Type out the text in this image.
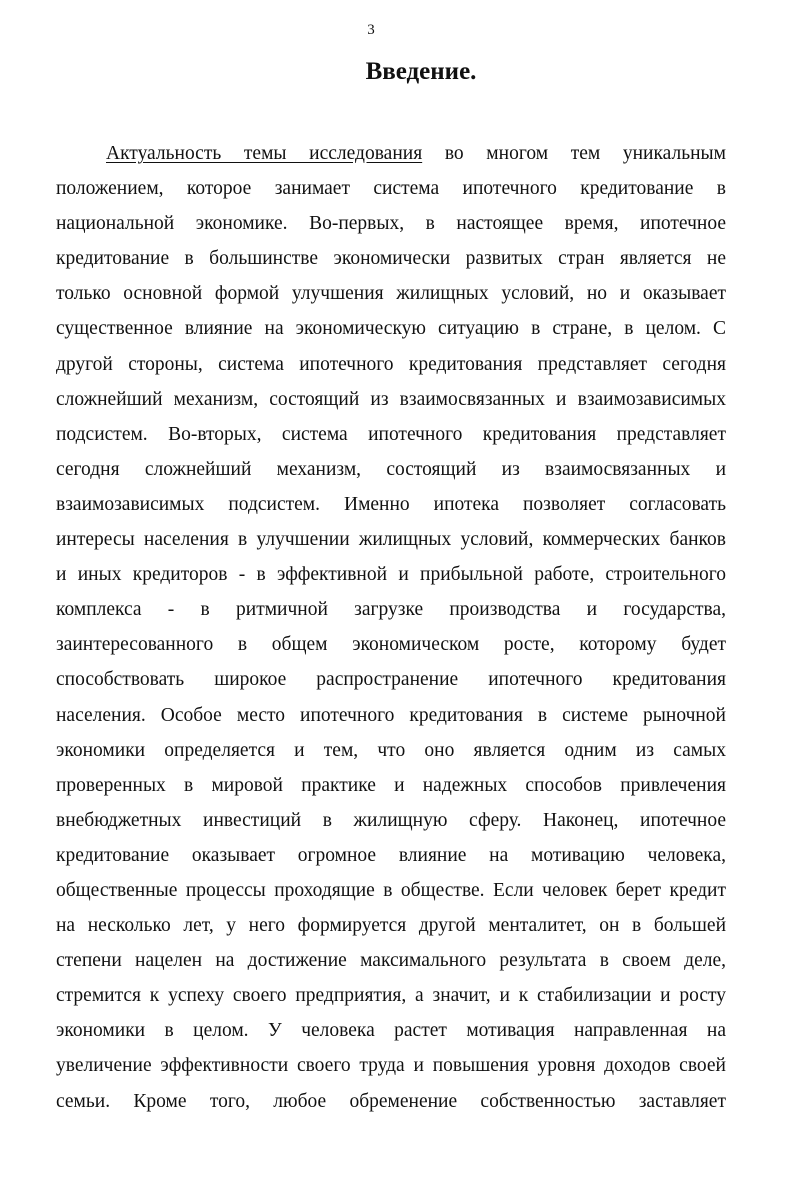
3
Введение.
Актуальность темы исследования во многом тем уникальным
положением, которое занимает система ипотечного кредитование в
национальной экономике. Во-первых, в настоящее время, ипотечное
кредитование в большинстве экономически развитых стран является не
только основной формой улучшения жилищных условий, но и оказывает
существенное влияние на экономическую ситуацию в стране, в целом. С
другой стороны, система ипотечного кредитования представляет сегодня
сложнейший механизм, состоящий из взаимосвязанных и взаимозависимых
подсистем. Во-вторых, система ипотечного кредитования представляет
сегодня сложнейший механизм, состоящий из взаимосвязанных и
взаимозависимых подсистем. Именно ипотека позволяет согласовать
интересы населения в улучшении жилищных условий, коммерческих банков
и иных кредиторов - в эффективной и прибыльной работе, строительного
комплекса - в ритмичной загрузке производства и государства,
заинтересованного в общем экономическом росте, которому будет
способствовать широкое распространение ипотечного кредитования
населения. Особое место ипотечного кредитования в системе рыночной
экономики определяется и тем, что оно является одним из самых
проверенных в мировой практике и надежных способов привлечения
внебюджетных инвестиций в жилищную сферу. Наконец, ипотечное
кредитование оказывает огромное влияние на мотивацию человека,
общественные процессы проходящие в обществе. Если человек берет кредит
на несколько лет, у него формируется другой менталитет, он в большей
степени нацелен на достижение максимального результата в своем деле,
стремится к успеху своего предприятия, а значит, и к стабилизации и росту
экономики в целом. У человека растет мотивация направленная на
увеличение эффективности своего труда и повышения уровня доходов своей
семьи. Кроме того, любое обременение собственностью заставляет
